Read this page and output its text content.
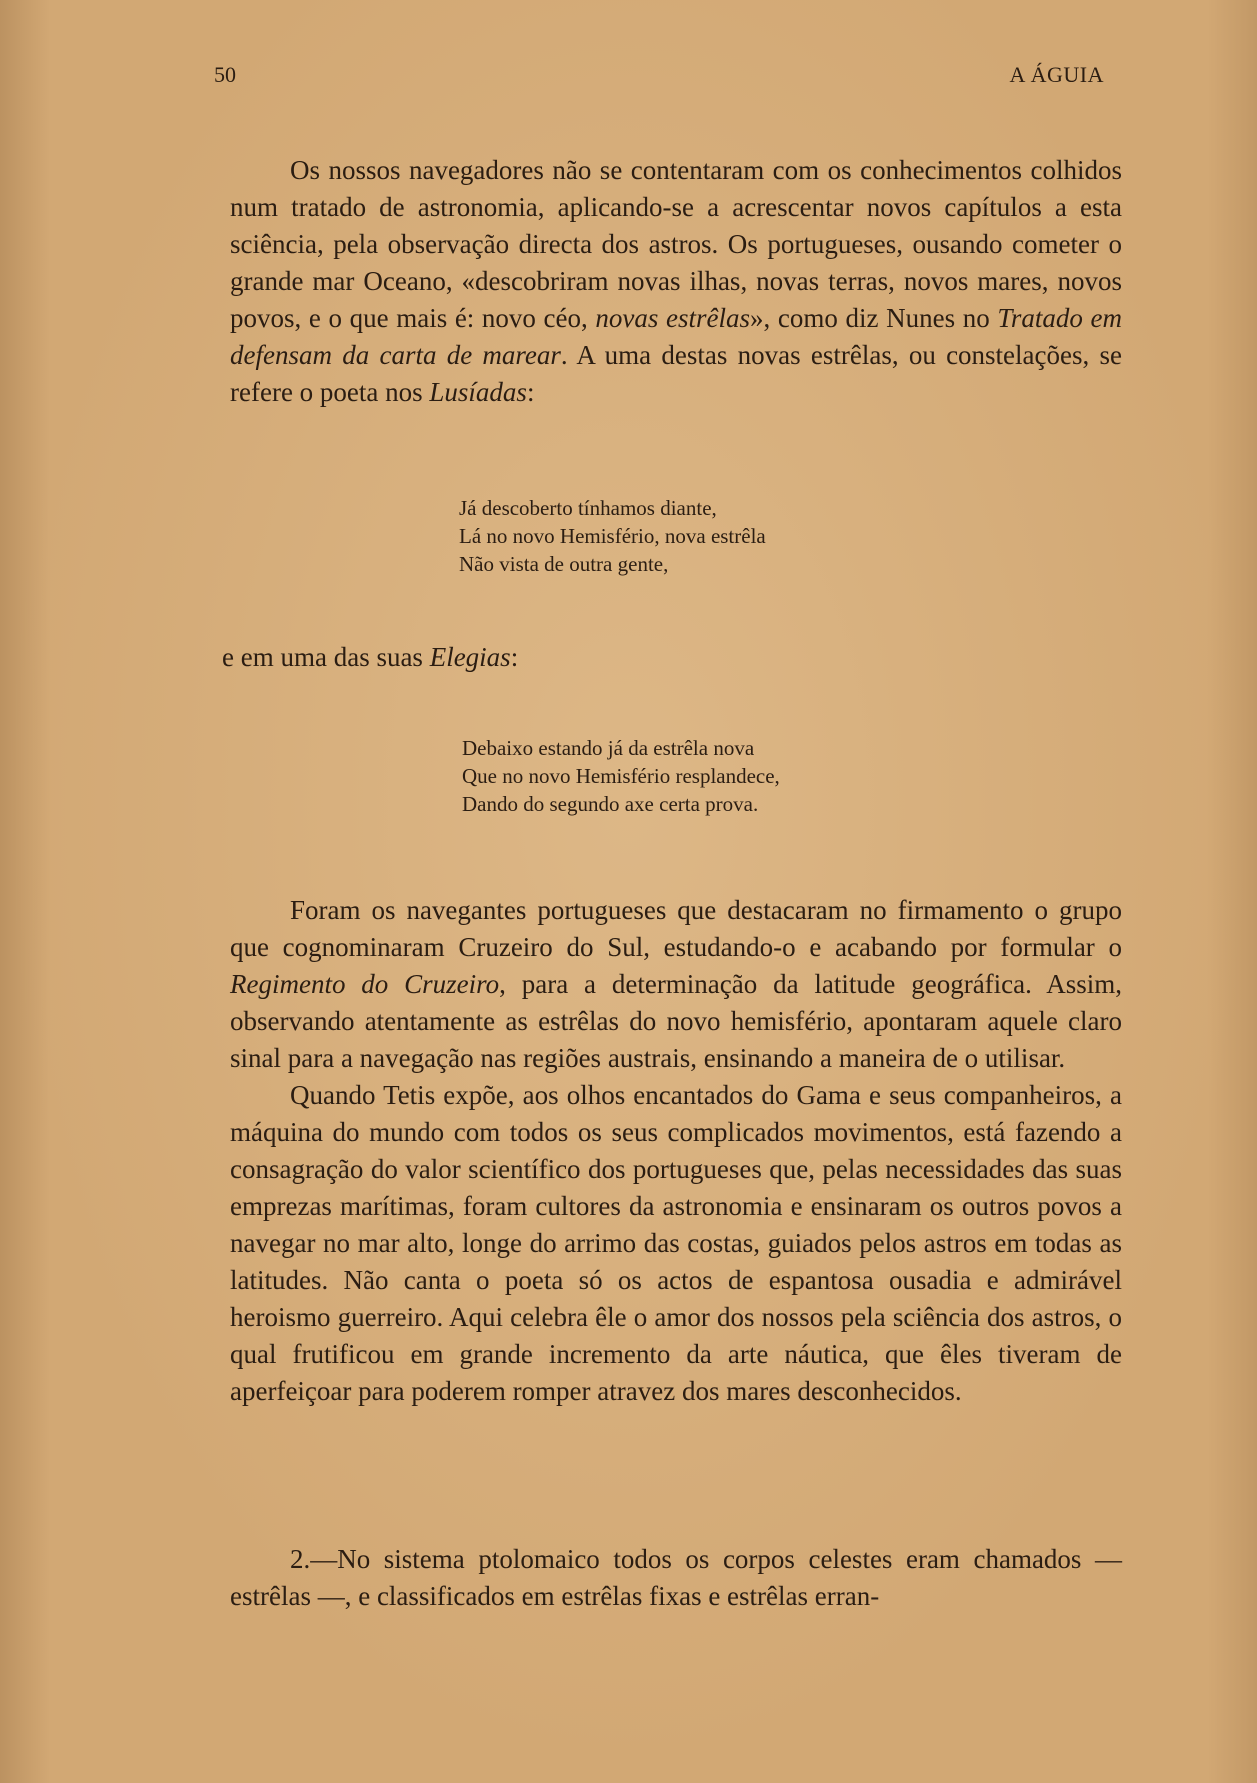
50	A ÁGUIA

Os nossos navegadores não se contentaram com os conhecimentos colhidos num tratado de astronomia, aplicando-se a acrescentar novos capítulos a esta sciência, pela observação directa dos astros. Os portugueses, ousando cometer o grande mar Oceano, «descobriram novas ilhas, novas terras, novos mares, novos povos, e o que mais é: novo céo, novas estrêlas», como diz Nunes no Tratado em defensam da carta de marear. A uma destas novas estrêlas, ou constelações, se refere o poeta nos Lusíadas:

Já descoberto tínhamos diante,
Lá no novo Hemisfério, nova estrêla
Não vista de outra gente,
e em uma das suas Elegias:
Debaixo estando já da estrêla nova
Que no novo Hemisfério resplandece,
Dando do segundo axe certa prova.

Foram os navegantes portugueses que destacaram no firmamento o grupo que cognominaram Cruzeiro do Sul, estudando-o e acabando por formular o Regimento do Cruzeiro, para a determinação da latitude geográfica. Assim, observando atentamente as estrêlas do novo hemisfério, apontaram aquele claro sinal para a navegação nas regiões austrais, ensinando a maneira de o utilisar.

Quando Tetis expõe, aos olhos encantados do Gama e seus companheiros, a máquina do mundo com todos os seus complicados movimentos, está fazendo a consagração do valor scientífico dos portugueses que, pelas necessidades das suas emprezas marítimas, foram cultores da astronomia e ensinaram os outros povos a navegar no mar alto, longe do arrimo das costas, guiados pelos astros em todas as latitudes. Não canta o poeta só os actos de espantosa ousadia e admirável heroismo guerreiro. Aqui celebra êle o amor dos nossos pela sciência dos astros, o qual frutificou em grande incremento da arte náutica, que êles tiveram de aperfeiçoar para poderem romper atravez dos mares desconhecidos.

2.—No sistema ptolomaico todos os corpos celestes eram chamados — estrêlas —, e classificados em estrêlas fixas e estrêlas erran-
